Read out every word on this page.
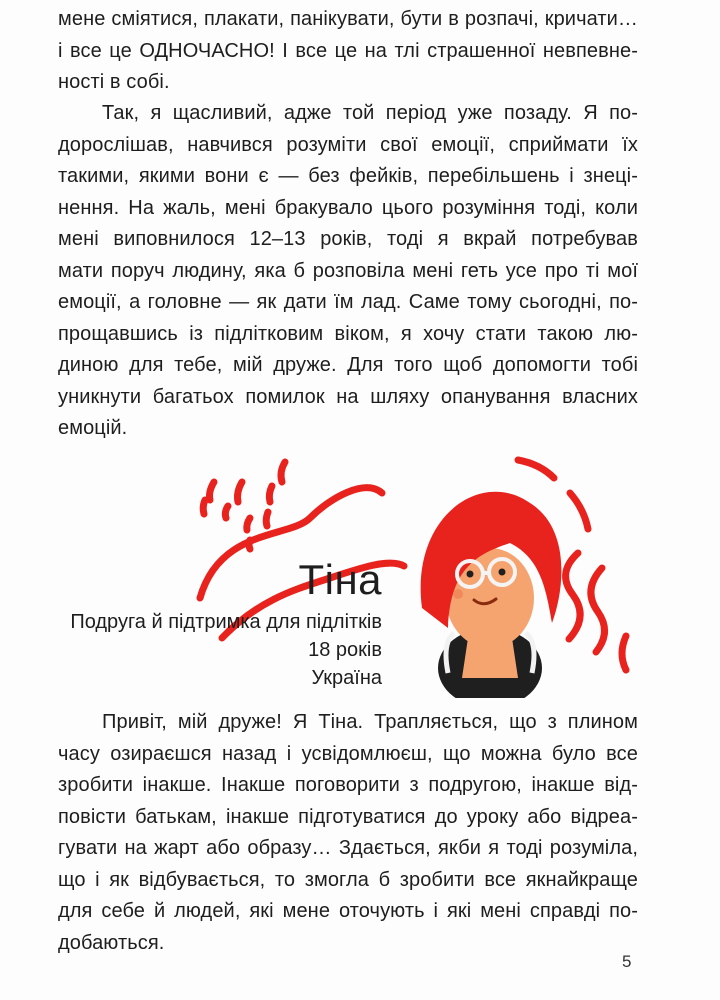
мене сміятися, плакати, панікувати, бути в розпачі, кричати…
і все це ОДНОЧАСНО! І все це на тлі страшенної невпевне-
ності в собі.

Так, я щасливий, адже той період уже позаду. Я по-
дорослішав, навчився розуміти свої емоції, сприймати їх
такими, якими вони є — без фейків, перебільшень і знеці-
нення. На жаль, мені бракувало цього розуміння тоді, коли
мені виповнилося 12–13 років, тоді я вкрай потребував
мати поруч людину, яка б розповіла мені геть усе про ті мої
емоції, а головне — як дати їм лад. Саме тому сьогодні, по-
прощавшись із підлітковим віком, я хочу стати такою лю-
диною для тебе, мій друже. Для того щоб допомогти тобі
уникнути багатьох помилок на шляху опанування власних
емоцій.

Тіна
Подруга й підтримка для підлітків
18 років
Україна

Привіт, мій друже! Я Тіна. Трапляється, що з плином
часу озираєшся назад і усвідомлюєш, що можна було все
зробити інакше. Інакше поговорити з подругою, інакше від-
повісти батькам, інакше підготуватися до уроку або відреа-
гувати на жарт або образу… Здається, якби я тоді розуміла,
що і як відбувається, то змогла б зробити все якнайкраще
для себе й людей, які мене оточують і які мені справді по-
добаються.

5
